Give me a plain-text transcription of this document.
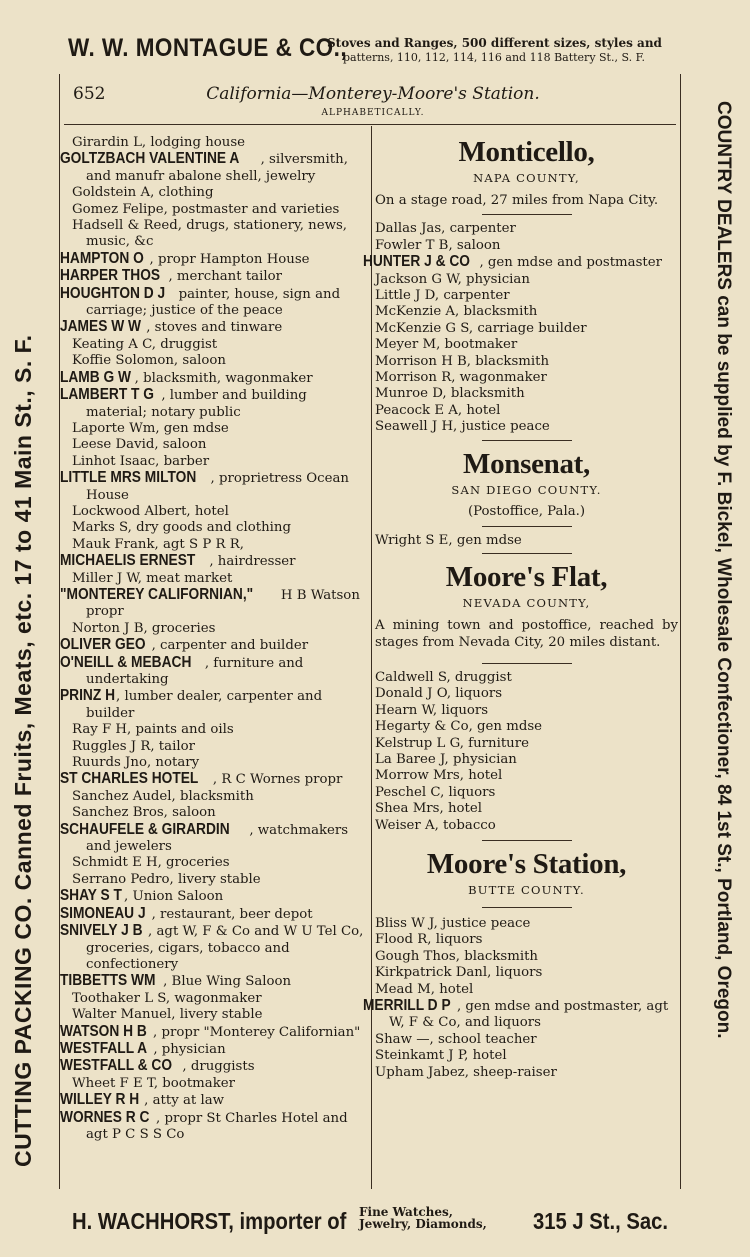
W. W. MONTAGUE & CO.,
Stoves and Ranges, 500 different sizes, styles and
patterns, 110, 112, 114, 116 and 118 Battery St., S. F.
CUTTING PACKING CO. Canned Fruits, Meats, etc. 17 to 41 Main St., S. F.	COUNTRY DEALERS can be supplied by F. Bickel, Wholesale Confectioner, 84 1st St., Portland, Oregon.
652	California—Monterey-Moore's Station.
ALPHABETICALLY.
Girardin L, lodging house
GOLTZBACH VALENTINE A , silversmith, and manufr abalone shell, jewelry
Goldstein A, clothing
Gomez Felipe, postmaster and varieties
Hadsell & Reed, drugs, stationery, news, music, &c
HAMPTON O , propr Hampton House
HARPER THOS , merchant tailor
HOUGHTON D J painter, house, sign and carriage; justice of the peace
JAMES W W , stoves and tinware
Keating A C, druggist
Koffie Solomon, saloon
LAMB G W , blacksmith, wagonmaker
LAMBERT T G , lumber and building material; notary public
Laporte Wm, gen mdse
Leese David, saloon
Linhot Isaac, barber
LITTLE MRS MILTON , proprietress Ocean House
Lockwood Albert, hotel
Marks S, dry goods and clothing
Mauk Frank, agt S P R R,
MICHAELIS ERNEST , hairdresser
Miller J W, meat market
"MONTEREY CALIFORNIAN," H B Watson propr
Norton J B, groceries
OLIVER GEO , carpenter and builder
O'NEILL & MEBACH , furniture and undertaking
PRINZ H, lumber dealer, carpenter and builder
Ray F H, paints and oils
Ruggles J R, tailor
Ruurds Jno, notary
ST CHARLES HOTEL , R C Wornes propr
Sanchez Audel, blacksmith
Sanchez Bros, saloon
SCHAUFELE & GIRARDIN , watchmakers and jewelers
Schmidt E H, groceries
Serrano Pedro, livery stable
SHAY S T , Union Saloon
SIMONEAU J , restaurant, beer depot
SNIVELY J B , agt W, F & Co and W U Tel Co, groceries, cigars, tobacco and confectionery
TIBBETTS WM , Blue Wing Saloon
Toothaker L S, wagonmaker
Walter Manuel, livery stable
WATSON H B , propr "Monterey Californian"
WESTFALL A , physician
WESTFALL & CO , druggists
Wheet F E T, bootmaker
WILLEY R H , atty at law
WORNES R C , propr St Charles Hotel and agt P C S S Co
Monticello,
NAPA COUNTY,
On a stage road, 27 miles from Napa City.
Dallas Jas, carpenter
Fowler T B, saloon
HUNTER J & CO , gen mdse and postmaster
Jackson G W, physician
Little J D, carpenter
McKenzie A, blacksmith
McKenzie G S, carriage builder
Meyer M, bootmaker
Morrison H B, blacksmith
Morrison R, wagonmaker
Munroe D, blacksmith
Peacock E A, hotel
Seawell J H, justice peace
Monsenat,
SAN DIEGO COUNTY.
(Postoffice, Pala.)
Wright S E, gen mdse
Moore's Flat,
NEVADA COUNTY,
A mining town and postoffice, reached by stages from Nevada City, 20 miles distant.
Caldwell S, druggist
Donald J O, liquors
Hearn W, liquors
Hegarty & Co, gen mdse
Kelstrup L G, furniture
La Baree J, physician
Morrow Mrs, hotel
Peschel C, liquors
Shea Mrs, hotel
Weiser A, tobacco
Moore's Station,
BUTTE COUNTY.
Bliss W J, justice peace
Flood R, liquors
Gough Thos, blacksmith
Kirkpatrick Danl, liquors
Mead M, hotel
MERRILL D P , gen mdse and postmaster, agt W, F & Co, and liquors
Shaw —, school teacher
Steinkamt J P, hotel
Upham Jabez, sheep-raiser
H. WACHHORST, importer of Fine Watches,
Jewelry, Diamonds, 315 J St., Sac.
